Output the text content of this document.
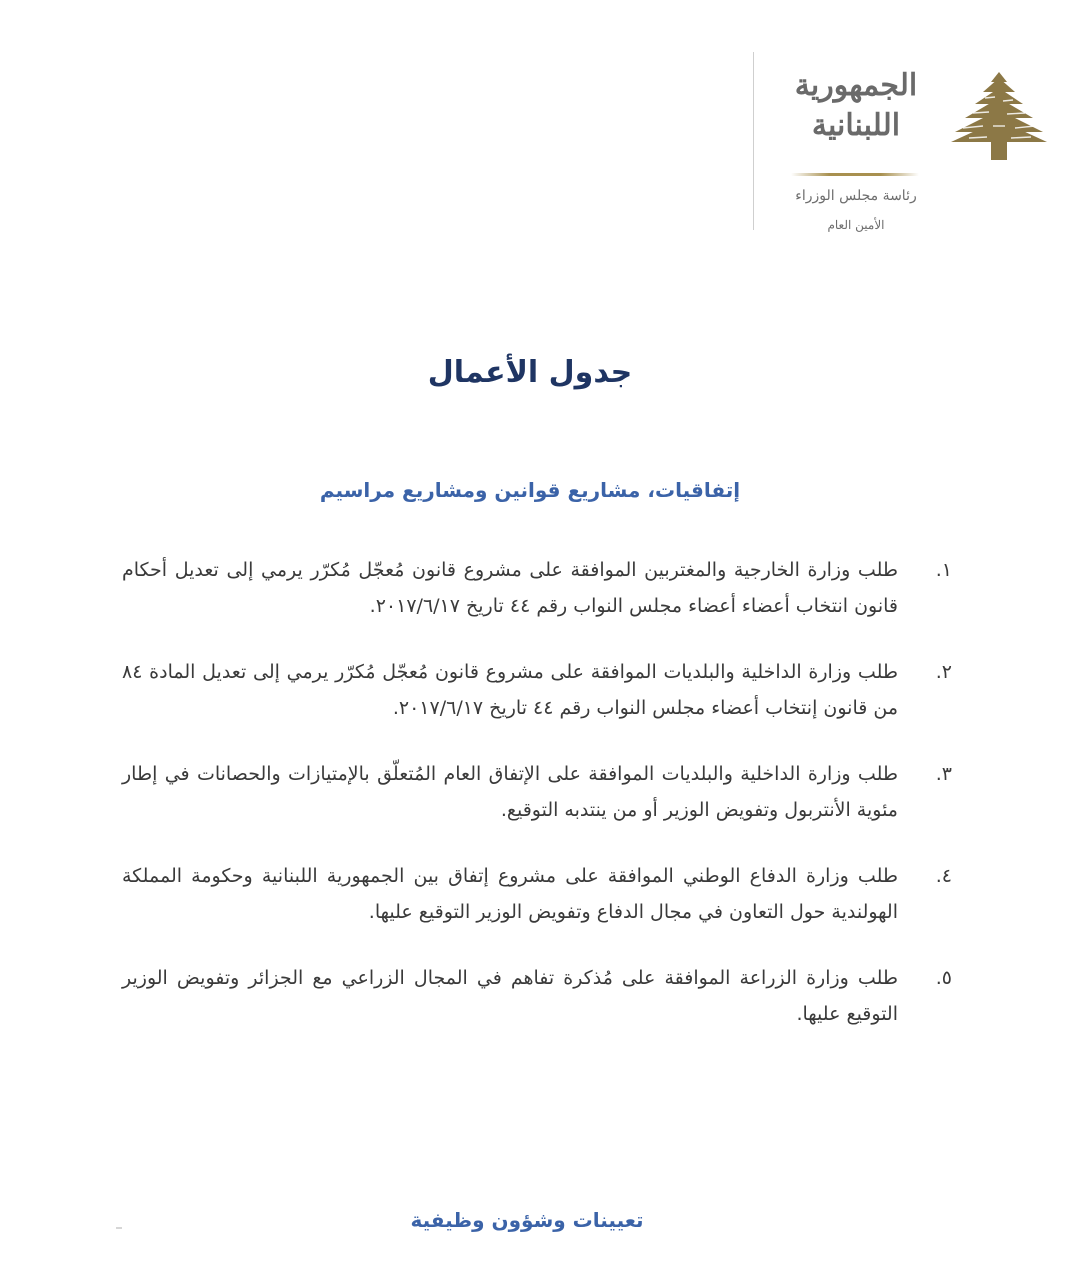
الجمهورية
اللبنانية
رئاسة مجلس الوزراء
الأمين العام
جدول الأعمال
إتفاقيات، مشاريع قوانين ومشاريع مراسيم
١.
طلب وزارة الخارجية والمغتربين الموافقة على مشروع قانون مُعجّل مُكرّر يرمي إلى تعديل أحكام قانون انتخاب أعضاء أعضاء مجلس النواب رقم ٤٤ تاريخ ٢٠١٧/٦/١٧.
٢.
طلب وزارة الداخلية والبلديات الموافقة على مشروع قانون مُعجّل مُكرّر يرمي إلى تعديل المادة ٨٤ من قانون إنتخاب أعضاء مجلس النواب رقم ٤٤ تاريخ ٢٠١٧/٦/١٧.
٣.
طلب وزارة الداخلية والبلديات الموافقة على الإتفاق العام المُتعلّق بالإمتيازات والحصانات في إطار مئوية الأنتربول وتفويض الوزير أو من ينتدبه التوقيع.
٤.
طلب وزارة الدفاع الوطني الموافقة على مشروع إتفاق بين الجمهورية اللبنانية وحكومة المملكة الهولندية حول التعاون في مجال الدفاع وتفويض الوزير التوقيع عليها.
٥.
طلب وزارة الزراعة الموافقة على مُذكرة تفاهم في المجال الزراعي مع الجزائر وتفويض الوزير التوقيع عليها.
تعيينات وشؤون وظيفية
